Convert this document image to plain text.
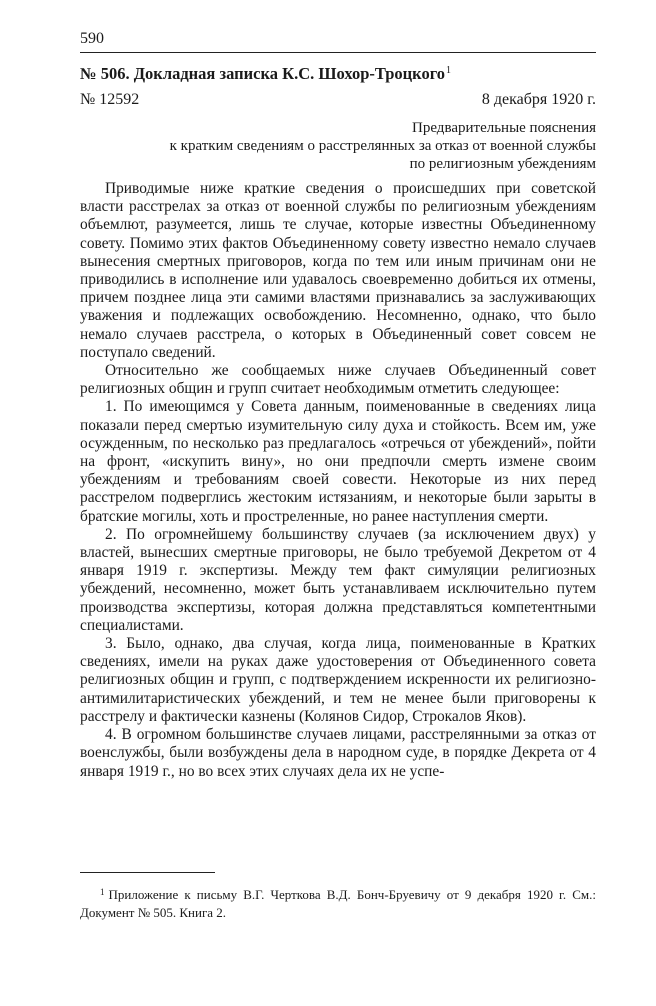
590
№ 506. Докладная записка К.С. Шохор-Троцкого$^1$
№ 12592	8 декабря 1920 г.
Предварительные пояснения
к кратким сведениям о расстрелянных за отказ от военной службы
по религиозным убеждениям

Приводимые ниже краткие сведения о происшедших при советской власти расстрелах за отказ от военной службы по религиозным убеждениям объемлют, разумеется, лишь те случае, которые известны Объединенному совету. Помимо этих фактов Объединенному совету известно немало случаев вынесения смертных приговоров, когда по тем или иным причинам они не приводились в исполнение или удавалось своевременно добиться их отмены, причем позднее лица эти самими властями признавались за заслуживающих уважения и подлежащих освобождению. Несомненно, однако, что было немало случаев расстрела, о которых в Объединенный совет совсем не поступало сведений.

Относительно же сообщаемых ниже случаев Объединенный совет религиозных общин и групп считает необходимым отметить следующее:

1. По имеющимся у Совета данным, поименованные в сведениях лица показали перед смертью изумительную силу духа и стойкость. Всем им, уже осужденным, по несколько раз предлагалось «отречься от убеждений», пойти на фронт, «искупить вину», но они предпочли смерть измене своим убеждениям и требованиям своей совести. Некоторые из них перед расстрелом подверглись жестоким истязаниям, и некоторые были зарыты в братские могилы, хоть и простреленные, но ранее наступления смерти.

2. По огромнейшему большинству случаев (за исключением двух) у властей, вынесших смертные приговоры, не было требуемой Декретом от 4 января 1919 г. экспертизы. Между тем факт симуляции религиозных убеждений, несомненно, может быть устанавливаем исключительно путем производства экспертизы, которая должна представляться компетентными специалистами.

3. Было, однако, два случая, когда лица, поименованные в Кратких сведениях, имели на руках даже удостоверения от Объединенного совета религиозных общин и групп, с подтверждением искренности их религиозно-антимилитаристических убеждений, и тем не менее были приговорены к расстрелу и фактически казнены (Колянов Сидор, Строкалов Яков).

4. В огромном большинстве случаев лицами, расстрелянными за отказ от военслужбы, были возбуждены дела в народном суде, в порядке Декрета от 4 января 1919 г., но во всех этих случаях дела их не успе-

$^1$ Приложение к письму В.Г. Черткова В.Д. Бонч-Бруевичу от 9 декабря 1920 г. См.: Документ № 505. Книга 2.
